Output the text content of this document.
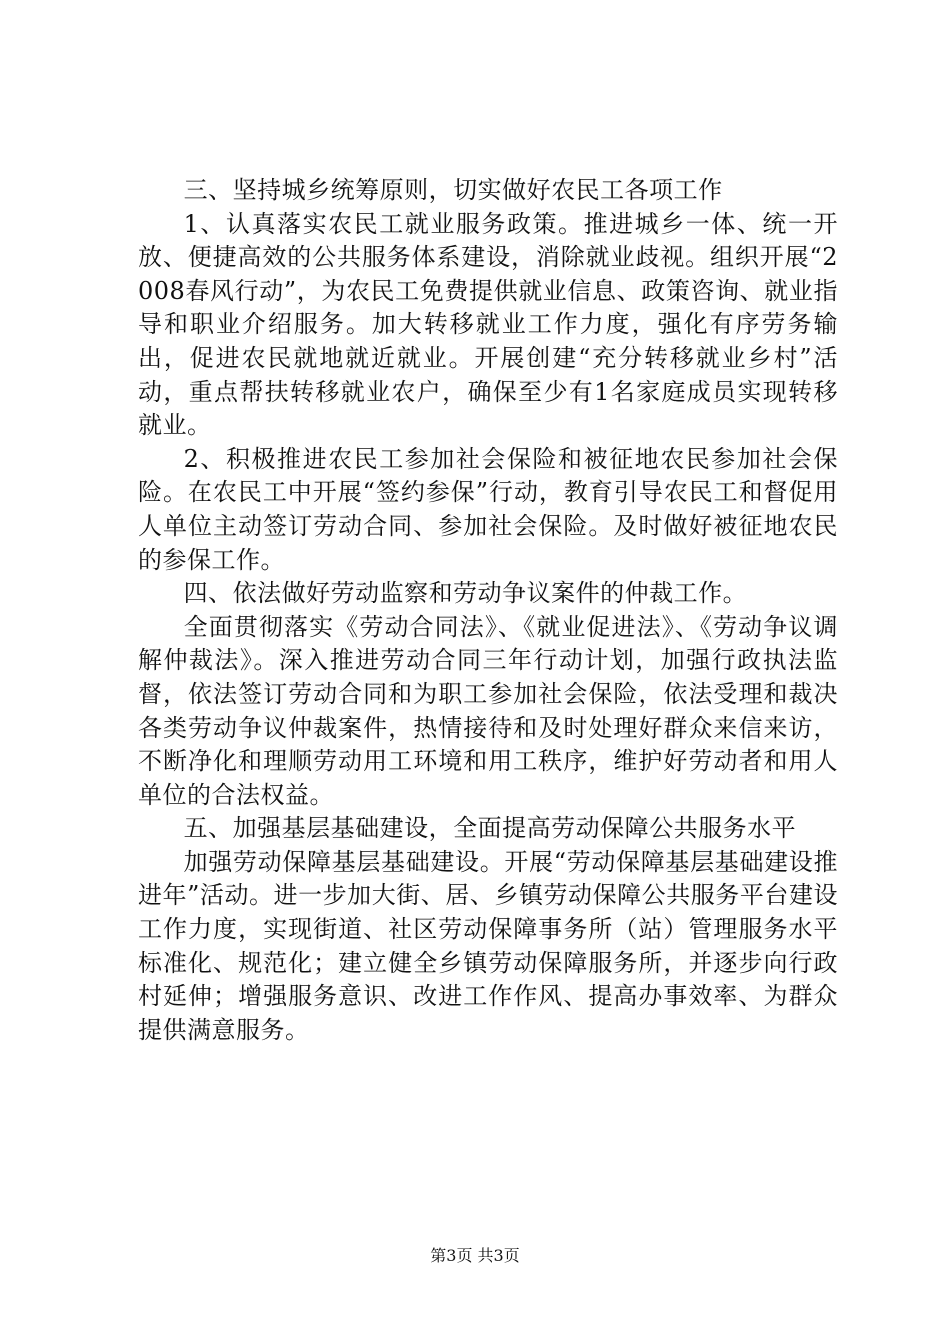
三、坚持城乡统筹原则，切实做好农民工各项工作

1、认真落实农民工就业服务政策。推进城乡一体、统一开放、便捷高效的公共服务体系建设，消除就业歧视。组织开展“2008春风行动”，为农民工免费提供就业信息、政策咨询、就业指导和职业介绍服务。加大转移就业工作力度，强化有序劳务输出，促进农民就地就近就业。开展创建“充分转移就业乡村”活动，重点帮扶转移就业农户，确保至少有1名家庭成员实现转移就业。

2、积极推进农民工参加社会保险和被征地农民参加社会保险。在农民工中开展“签约参保”行动，教育引导农民工和督促用人单位主动签订劳动合同、参加社会保险。及时做好被征地农民的参保工作。

四、依法做好劳动监察和劳动争议案件的仲裁工作。

全面贯彻落实《劳动合同法》、《就业促进法》、《劳动争议调解仲裁法》。深入推进劳动合同三年行动计划，加强行政执法监督，依法签订劳动合同和为职工参加社会保险，依法受理和裁决各类劳动争议仲裁案件，热情接待和及时处理好群众来信来访，不断净化和理顺劳动用工环境和用工秩序，维护好劳动者和用人单位的合法权益。

五、加强基层基础建设，全面提高劳动保障公共服务水平

加强劳动保障基层基础建设。开展“劳动保障基层基础建设推进年”活动。进一步加大街、居、乡镇劳动保障公共服务平台建设工作力度，实现街道、社区劳动保障事务所（站）管理服务水平标准化、规范化；建立健全乡镇劳动保障服务所，并逐步向行政村延伸；增强服务意识、改进工作作风、提高办事效率、为群众提供满意服务。

第3页 共3页
